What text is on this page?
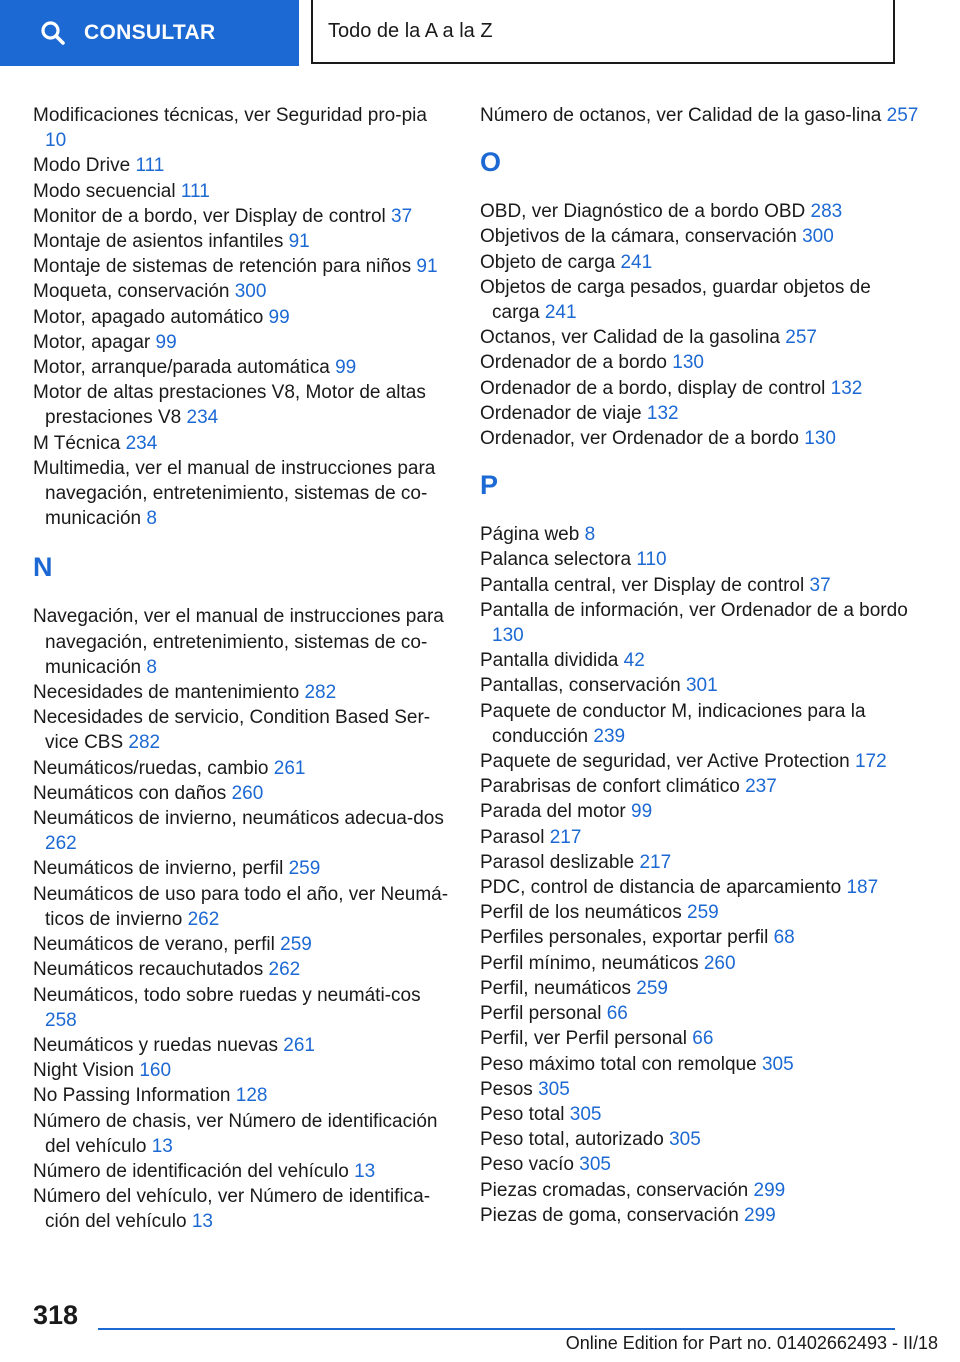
CONSULTAR	Todo de la A a la Z
Modificaciones técnicas, ver Seguridad pro-pia 10
Modo Drive 111
Modo secuencial 111
Monitor de a bordo, ver Display de control 37
Montaje de asientos infantiles 91
Montaje de sistemas de retención para niños 91
Moqueta, conservación 300
Motor, apagado automático 99
Motor, apagar 99
Motor, arranque/parada automática 99
Motor de altas prestaciones V8, Motor de altas prestaciones V8 234
M Técnica 234
Multimedia, ver el manual de instrucciones para navegación, entretenimiento, sistemas de co-municación 8
N
Navegación, ver el manual de instrucciones para navegación, entretenimiento, sistemas de co-municación 8
Necesidades de mantenimiento 282
Necesidades de servicio, Condition Based Ser-vice CBS 282
Neumáticos/ruedas, cambio 261
Neumáticos con daños 260
Neumáticos de invierno, neumáticos adecua-dos 262
Neumáticos de invierno, perfil 259
Neumáticos de uso para todo el año, ver Neumá-ticos de invierno 262
Neumáticos de verano, perfil 259
Neumáticos recauchutados 262
Neumáticos, todo sobre ruedas y neumáti-cos 258
Neumáticos y ruedas nuevas 261
Night Vision 160
No Passing Information 128
Número de chasis, ver Número de identificación del vehículo 13
Número de identificación del vehículo 13
Número del vehículo, ver Número de identifica-ción del vehículo 13
Número de octanos, ver Calidad de la gaso-lina 257
O
OBD, ver Diagnóstico de a bordo OBD 283
Objetivos de la cámara, conservación 300
Objeto de carga 241
Objetos de carga pesados, guardar objetos de carga 241
Octanos, ver Calidad de la gasolina 257
Ordenador de a bordo 130
Ordenador de a bordo, display de control 132
Ordenador de viaje 132
Ordenador, ver Ordenador de a bordo 130
P
Página web 8
Palanca selectora 110
Pantalla central, ver Display de control 37
Pantalla de información, ver Ordenador de a bordo 130
Pantalla dividida 42
Pantallas, conservación 301
Paquete de conductor M, indicaciones para la conducción 239
Paquete de seguridad, ver Active Protection 172
Parabrisas de confort climático 237
Parada del motor 99
Parasol 217
Parasol deslizable 217
PDC, control de distancia de aparcamiento 187
Perfil de los neumáticos 259
Perfiles personales, exportar perfil 68
Perfil mínimo, neumáticos 260
Perfil, neumáticos 259
Perfil personal 66
Perfil, ver Perfil personal 66
Peso máximo total con remolque 305
Pesos 305
Peso total 305
Peso total, autorizado 305
Peso vacío 305
Piezas cromadas, conservación 299
Piezas de goma, conservación 299
318
Online Edition for Part no. 01402662493 - II/18
